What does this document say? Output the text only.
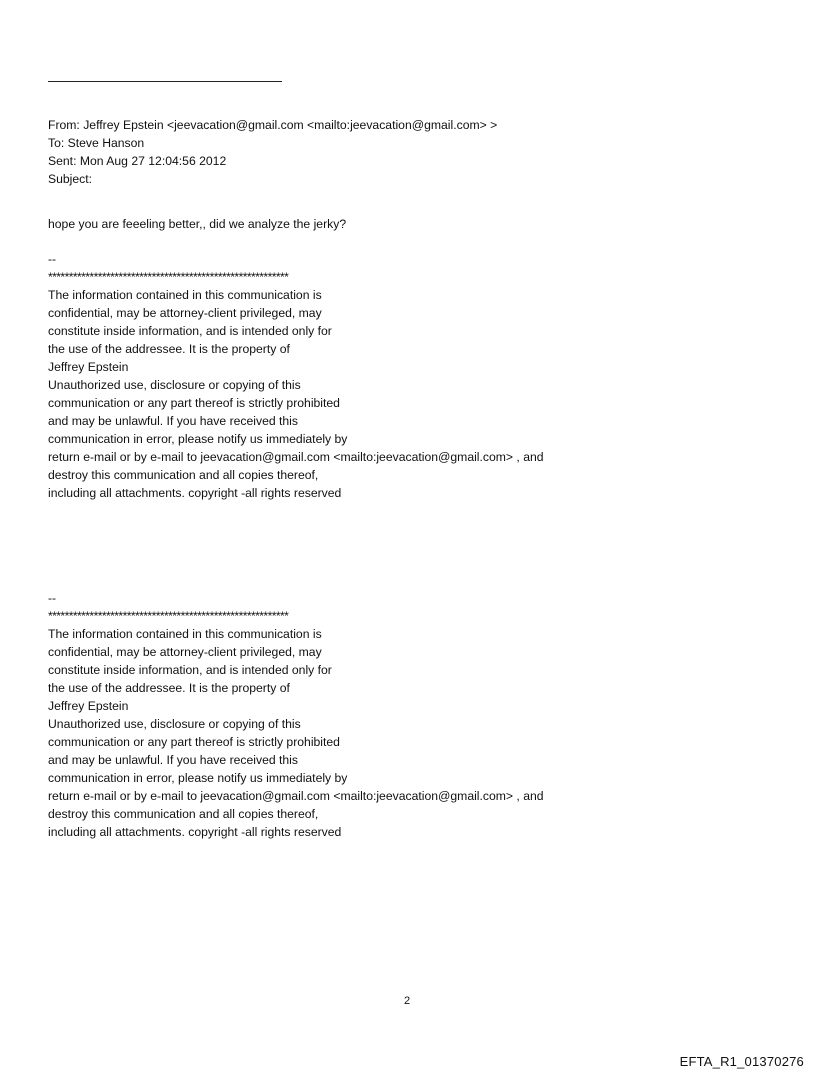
From: Jeffrey Epstein <jeevacation@gmail.com <mailto:jeevacation@gmail.com> >
To: Steve Hanson
Sent: Mon Aug 27 12:04:56 2012
Subject:
hope you are feeeling better,, did we analyze the jerky?
--
**********************************************************
The information contained in this communication is
confidential, may be attorney-client privileged, may
constitute inside information, and is intended only for
the use of the addressee. It is the property of
Jeffrey Epstein
Unauthorized use, disclosure or copying of this
communication or any part thereof is strictly prohibited
and may be unlawful. If you have received this
communication in error, please notify us immediately by
return e-mail or by e-mail to jeevacation@gmail.com <mailto:jeevacation@gmail.com> , and
destroy this communication and all copies thereof,
including all attachments. copyright -all rights reserved
--
**********************************************************
The information contained in this communication is
confidential, may be attorney-client privileged, may
constitute inside information, and is intended only for
the use of the addressee. It is the property of
Jeffrey Epstein
Unauthorized use, disclosure or copying of this
communication or any part thereof is strictly prohibited
and may be unlawful. If you have received this
communication in error, please notify us immediately by
return e-mail or by e-mail to jeevacation@gmail.com <mailto:jeevacation@gmail.com> , and
destroy this communication and all copies thereof,
including all attachments. copyright -all rights reserved
2
EFTA_R1_01370276
